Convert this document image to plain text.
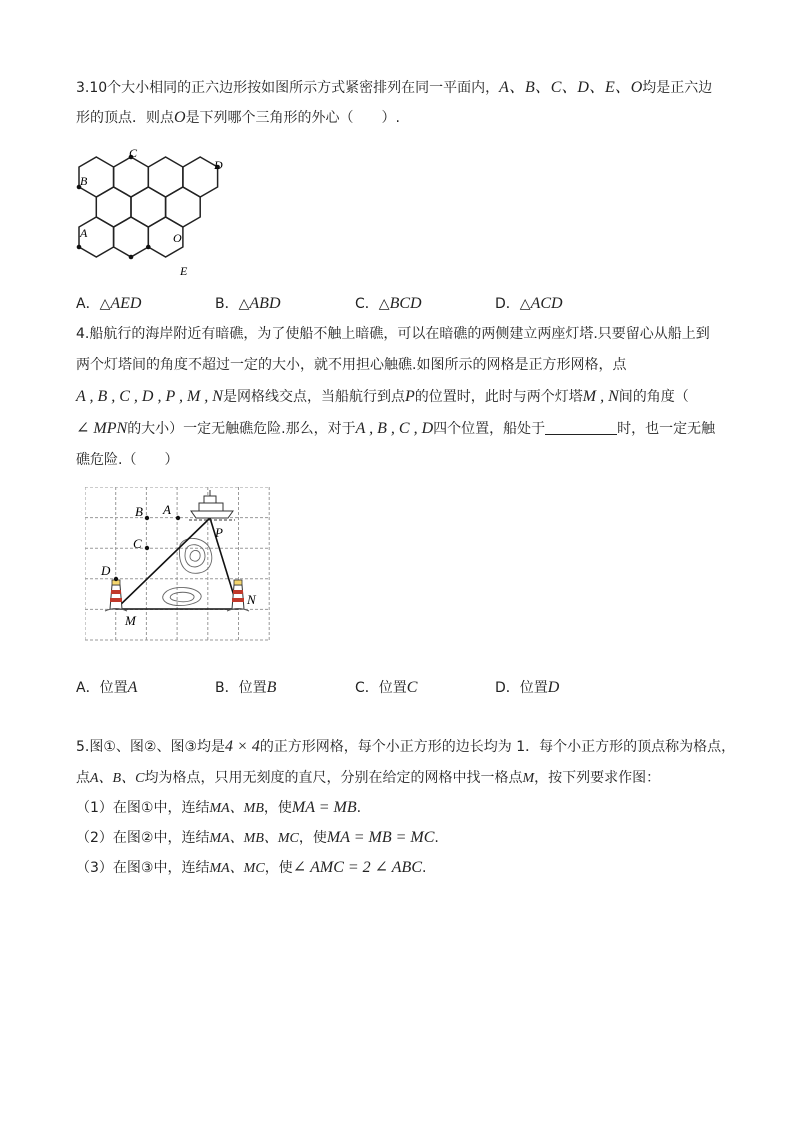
3.10个大小相同的正六边形按如图所示方式紧密排列在同一平面内，A、B、C、D、E、O均是正六边
形的顶点．则点O是下列哪个三角形的外心（　　）.
B
C
D
A	O
E
A．△AED	B．△ABD	C．△BCD	D．△ACD
4.船航行的海岸附近有暗礁，为了使船不触上暗礁，可以在暗礁的两侧建立两座灯塔.只要留心从船上到
两个灯塔间的角度不超过一定的大小，就不用担心触礁.如图所示的网格是正方形网格，点
A , B , C , D , P , M , N是网格线交点，当船航行到点P的位置时，此时与两个灯塔M , N间的角度（
∠ MPN的大小）一定无触礁危险.那么，对于A , B , C , D四个位置，船处于	时，也一定无触
礁危险.（　　）
B A
C
D
P
M
N
A．位置A	B．位置B	C．位置C	D．位置D
5.图①、图②、图③均是4 × 4的正方形网格，每个小正方形的边长均为 1．每个小正方形的顶点称为格点，
点A、B、C均为格点，只用无刻度的直尺，分别在给定的网格中找一格点M，按下列要求作图：
（1）在图①中，连结MA、MB，使MA = MB.
（2）在图②中，连结MA、MB、MC，使MA = MB = MC.
（3）在图③中，连结MA、MC，使∠ AMC = 2 ∠ ABC.
